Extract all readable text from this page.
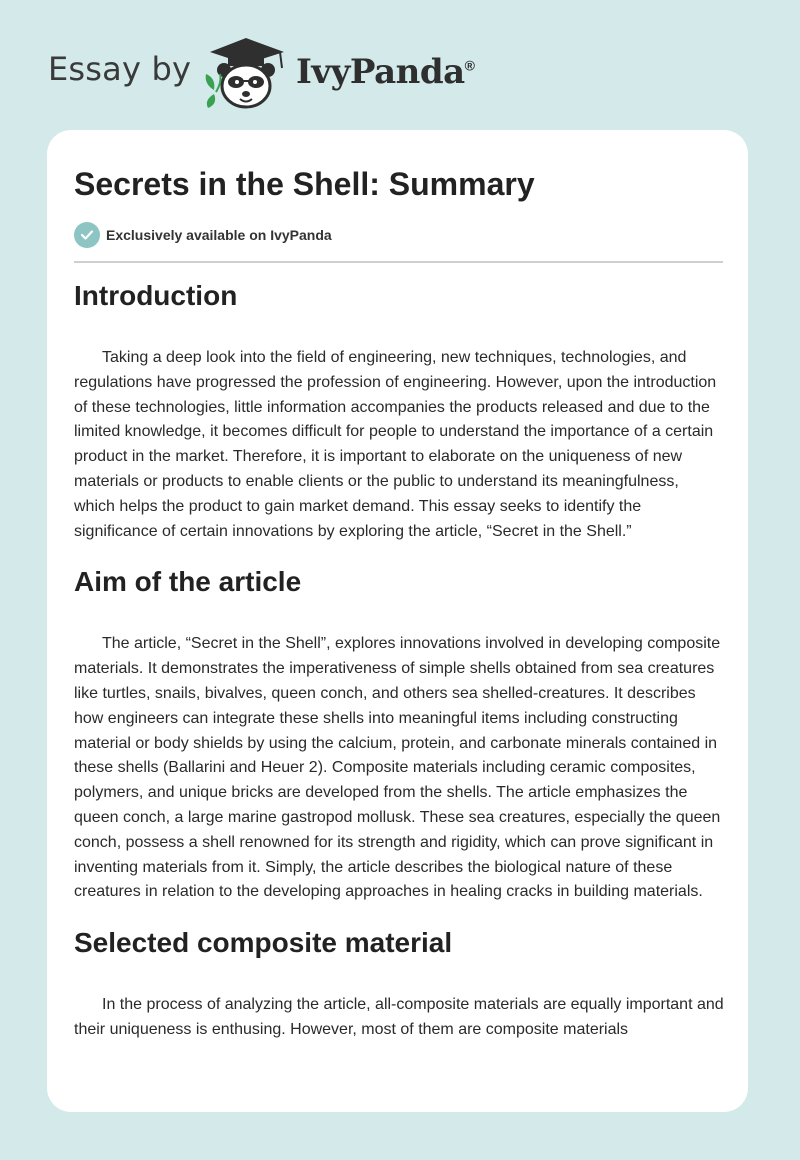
Essay by	IvyPanda®
Secrets in the Shell: Summary
Exclusively available on IvyPanda
Introduction

Taking a deep look into the field of engineering, new techniques, technologies, and regulations have progressed the profession of engineering. However, upon the introduction of these technologies, little information accompanies the products released and due to the limited knowledge, it becomes difficult for people to understand the importance of a certain product in the market. Therefore, it is important to elaborate on the uniqueness of new materials or products to enable clients or the public to understand its meaningfulness, which helps the product to gain market demand. This essay seeks to identify the significance of certain innovations by exploring the article, “Secret in the Shell.”

Aim of the article

The article, “Secret in the Shell”, explores innovations involved in developing composite materials. It demonstrates the imperativeness of simple shells obtained from sea creatures like turtles, snails, bivalves, queen conch, and others sea shelled-creatures. It describes how engineers can integrate these shells into meaningful items including constructing material or body shields by using the calcium, protein, and carbonate minerals contained in these shells (Ballarini and Heuer 2). Composite materials including ceramic composites, polymers, and unique bricks are developed from the shells. The article emphasizes the queen conch, a large marine gastropod mollusk. These sea creatures, especially the queen conch, possess a shell renowned for its strength and rigidity, which can prove significant in inventing materials from it. Simply, the article describes the biological nature of these creatures in relation to the developing approaches in healing cracks in building materials.

Selected composite material

In the process of analyzing the article, all-composite materials are equally important and their uniqueness is enthusing. However, most of them are composite materials
